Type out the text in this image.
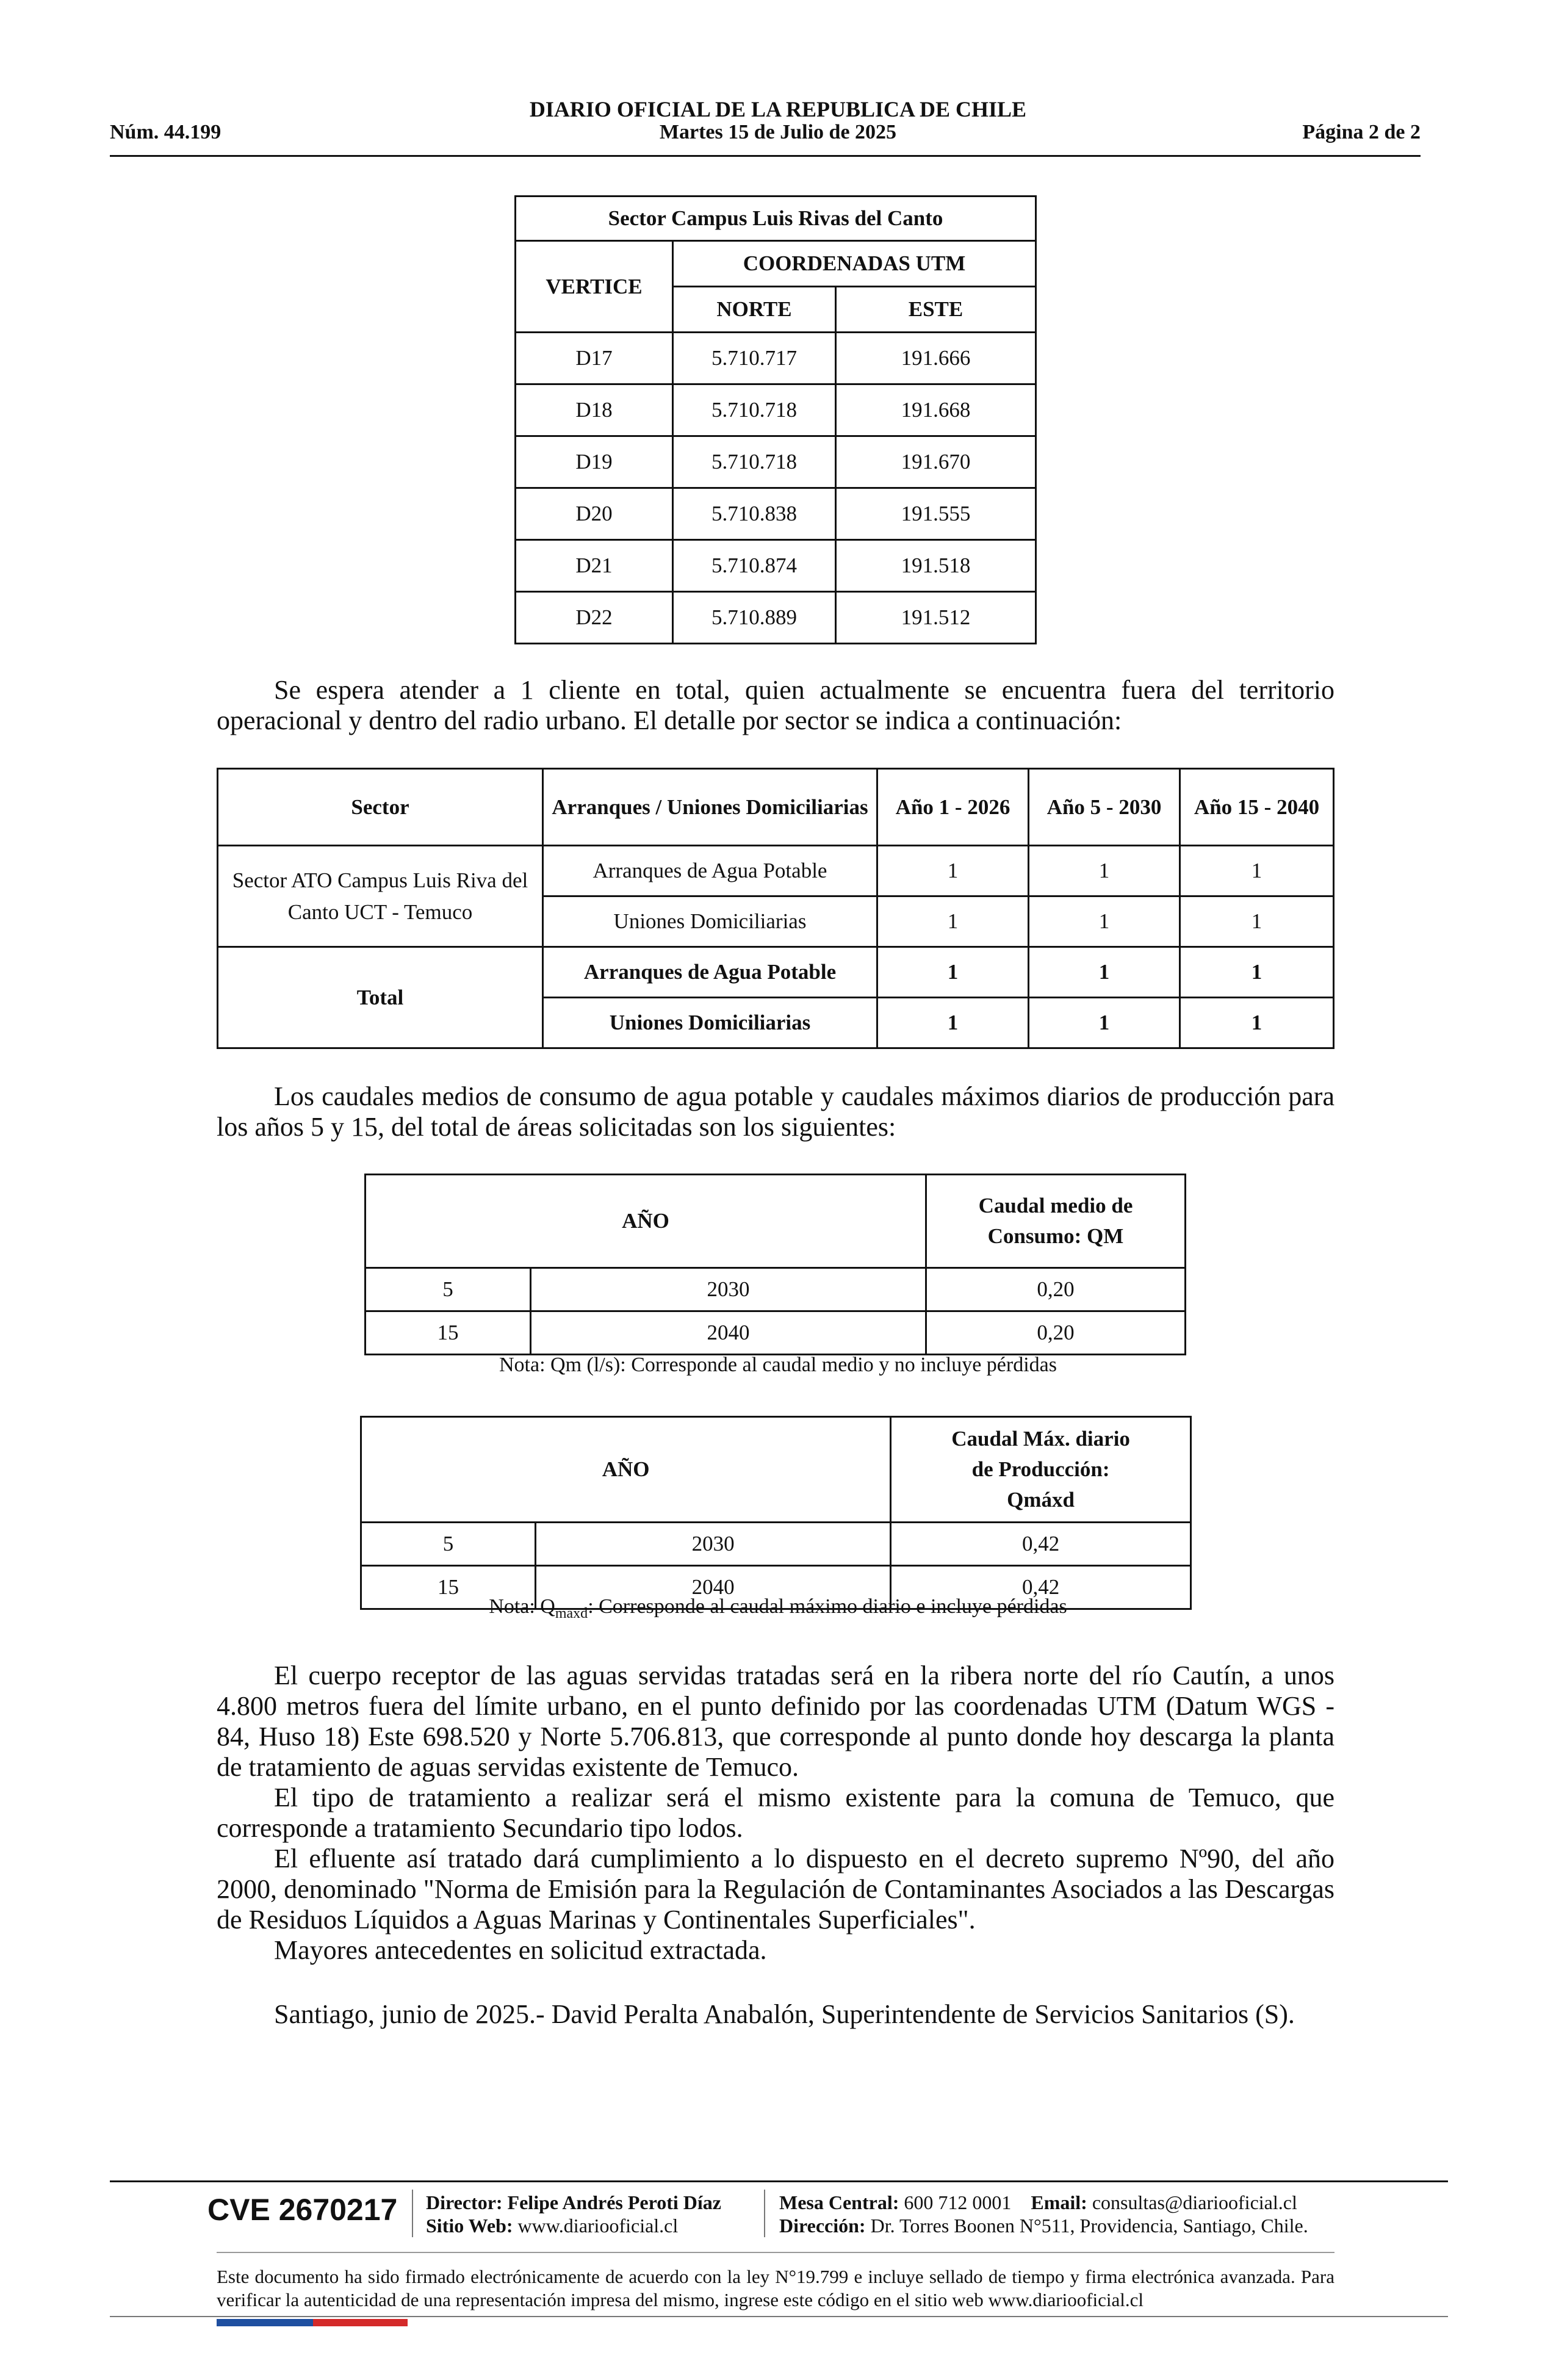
DIARIO OFICIAL DE LA REPUBLICA DE CHILE
Núm. 44.199	Martes 15 de Julio de 2025	Página 2 de 2
Sector Campus Luis Rivas del Canto		
VERTICE	COORDENADAS UTM	
	NORTE	ESTE
D17	5.710.717	191.666
D18	5.710.718	191.668
D19	5.710.718	191.670
D20	5.710.838	191.555
D21	5.710.874	191.518
D22	5.710.889	191.512

Se espera atender a 1 cliente en total, quien actualmente se encuentra fuera del territorio operacional y dentro del radio urbano. El detalle por sector se indica a continuación:

Sector	Arranques / Uniones Domiciliarias	Año 1 - 2026	Año 5 - 2030	Año 15 - 2040
Sector ATO Campus Luis Riva del Canto UCT - Temuco	Arranques de Agua Potable	1	1	1
	Uniones Domiciliarias	1	1	1
Total	Arranques de Agua Potable	1	1	1
	Uniones Domiciliarias	1	1	1

Los caudales medios de consumo de agua potable y caudales máximos diarios de producción para los años 5 y 15, del total de áreas solicitadas son los siguientes:

AÑO		Caudal medio de
Consumo: QM
5	2030	0,20
15	2040	0,20
Nota: Qm (l/s): Corresponde al caudal medio y no incluye pérdidas
AÑO		Caudal Máx. diario
de Producción:
Qmáxd
5	2030	0,42
15	2040	0,42
Nota: $Q_{maxd}$: Corresponde al caudal máximo diario e incluye pérdidas

El cuerpo receptor de las aguas servidas tratadas será en la ribera norte del río Cautín, a unos 4.800 metros fuera del límite urbano, en el punto definido por las coordenadas UTM (Datum WGS - 84, Huso 18) Este 698.520 y Norte 5.706.813, que corresponde al punto donde hoy descarga la planta de tratamiento de aguas servidas existente de Temuco.

El tipo de tratamiento a realizar será el mismo existente para la comuna de Temuco, que corresponde a tratamiento Secundario tipo lodos.

El efluente así tratado dará cumplimiento a lo dispuesto en el decreto supremo Nº90, del año 2000, denominado "Norma de Emisión para la Regulación de Contaminantes Asociados a las Descargas de Residuos Líquidos a Aguas Marinas y Continentales Superficiales".

Mayores antecedentes en solicitud extractada.

Santiago, junio de 2025.- David Peralta Anabalón, Superintendente de Servicios Sanitarios (S).

CVE 2670217 Director: Felipe Andrés Peroti Díaz
Sitio Web: www.diariooficial.cl
Mesa Central: 600 712 0001 Email: consultas@diariooficial.cl
Dirección: Dr. Torres Boonen N°511, Providencia, Santiago, Chile.
Este documento ha sido firmado electrónicamente de acuerdo con la ley N°19.799 e incluye sellado de tiempo y firma electrónica avanzada. Para verificar la autenticidad de una representación impresa del mismo, ingrese este código en el sitio web www.diariooficial.cl
